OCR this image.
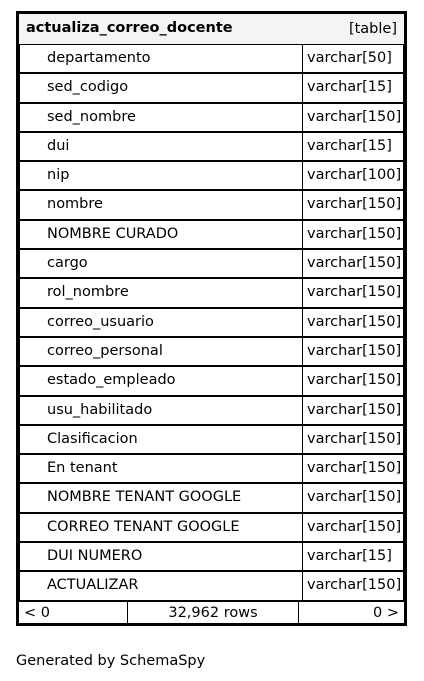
actualiza_correo_docente	[table]
departamento	varchar[50]
sed_codigo	varchar[15]
sed_nombre	varchar[150]
dui	varchar[15]
nip	varchar[100]
nombre	varchar[150]
NOMBRE CURADO	varchar[150]
cargo	varchar[150]
rol_nombre	varchar[150]
correo_usuario	varchar[150]
correo_personal	varchar[150]
estado_empleado	varchar[150]
usu_habilitado	varchar[150]
Clasificacion	varchar[150]
En tenant	varchar[150]
NOMBRE TENANT GOOGLE	varchar[150]
CORREO TENANT GOOGLE	varchar[150]
DUI NUMERO	varchar[15]
ACTUALIZAR	varchar[150]
< 0	32,962 rows	0 >
Generated by SchemaSpy
